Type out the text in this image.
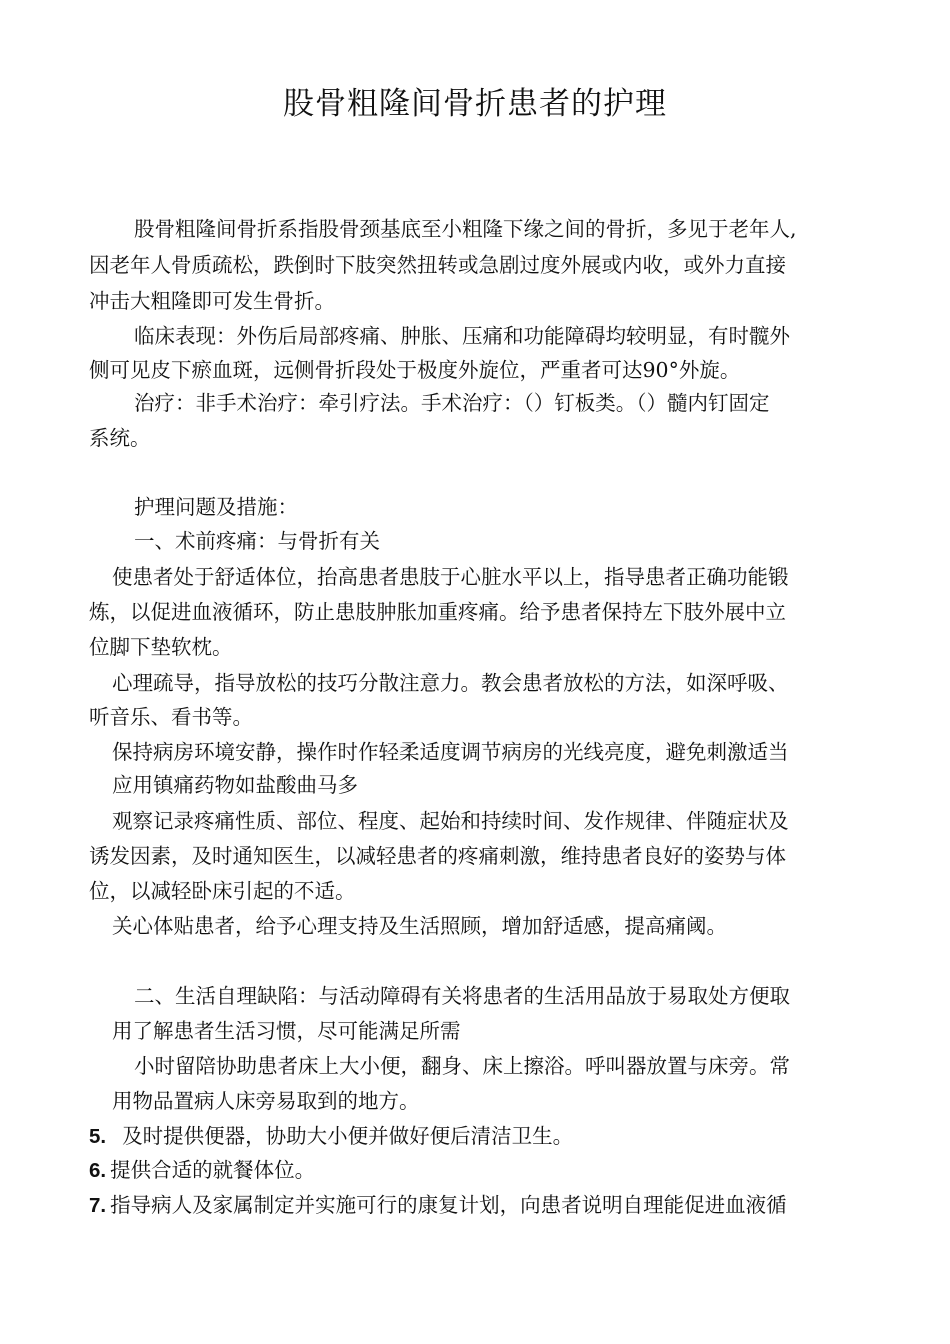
股骨粗隆间骨折患者的护理

股骨粗隆间骨折系指股骨颈基底至小粗隆下缘之间的骨折，多见于老年人,

因老年人骨质疏松，跌倒时下肢突然扭转或急剧过度外展或内收，或外力直接

冲击大粗隆即可发生骨折。

临床表现：外伤后局部疼痛、肿胀、压痛和功能障碍均较明显，有时髋外

侧可见皮下瘀血斑，远侧骨折段处于极度外旋位，严重者可达90°外旋。

治疗：非手术治疗：牵引疗法。手术治疗：（）钉板类。（）髓内钉固定

系统。

护理问题及措施：

一、术前疼痛：与骨折有关

使患者处于舒适体位，抬高患者患肢于心脏水平以上，指导患者正确功能锻

炼，以促进血液循环，防止患肢肿胀加重疼痛。给予患者保持左下肢外展中立

位脚下垫软枕。

心理疏导，指导放松的技巧分散注意力。教会患者放松的方法，如深呼吸、

听音乐、看书等。

保持病房环境安静，操作时作轻柔适度调节病房的光线亮度，避免刺激适当

应用镇痛药物如盐酸曲马多

观察记录疼痛性质、部位、程度、起始和持续时间、发作规律、伴随症状及

诱发因素，及时通知医生，以减轻患者的疼痛刺激，维持患者良好的姿势与体

位，以减轻卧床引起的不适。

关心体贴患者，给予心理支持及生活照顾，增加舒适感，提高痛阈。

二、生活自理缺陷：与活动障碍有关将患者的生活用品放于易取处方便取

用了解患者生活习惯，尽可能满足所需

小时留陪协助患者床上大小便，翻身、床上擦浴。呼叫器放置与床旁。常

用物品置病人床旁易取到的地方。

5. 及时提供便器，协助大小便并做好便后清洁卫生。

6. 提供合适的就餐体位。

7. 指导病人及家属制定并实施可行的康复计划，向患者说明自理能促进血液循
